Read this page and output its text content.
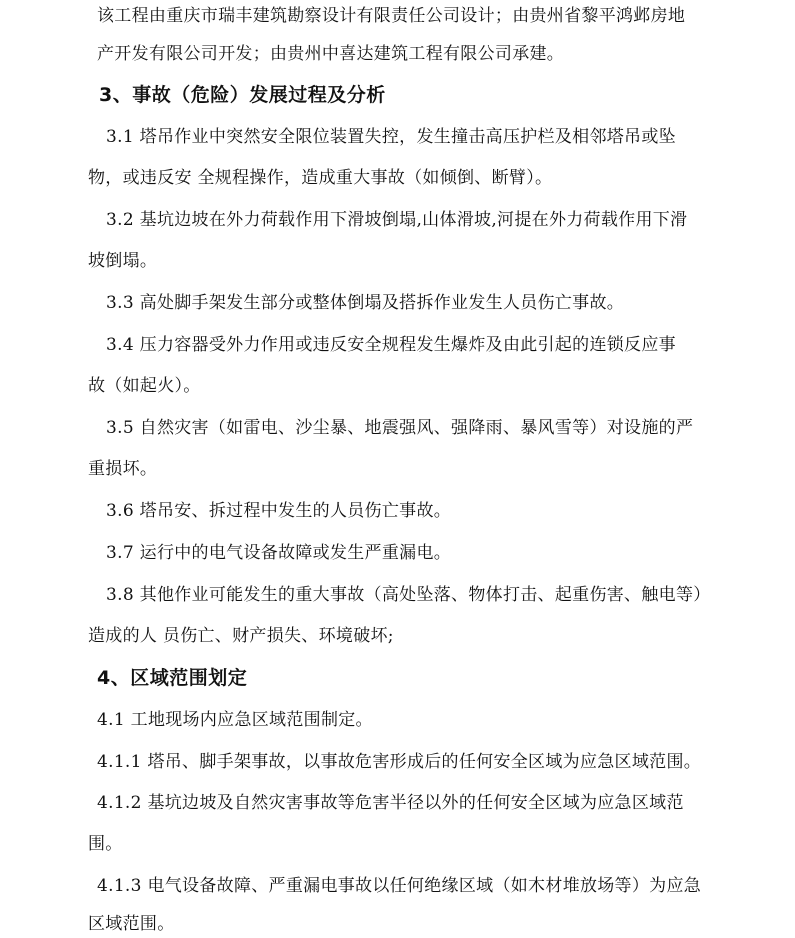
该工程由重庆市瑞丰建筑勘察设计有限责任公司设计；由贵州省黎平鸿邺房地
产开发有限公司开发；由贵州中喜达建筑工程有限公司承建。
3、事故（危险）发展过程及分析
3.1 塔吊作业中突然安全限位装置失控，发生撞击高压护栏及相邻塔吊或坠
物，或违反安 全规程操作，造成重大事故（如倾倒、断臂）。
3.2 基坑边坡在外力荷载作用下滑坡倒塌,山体滑坡,河提在外力荷载作用下滑
坡倒塌。
3.3 高处脚手架发生部分或整体倒塌及搭拆作业发生人员伤亡事故。
3.4 压力容器受外力作用或违反安全规程发生爆炸及由此引起的连锁反应事
故（如起火）。
3.5 自然灾害（如雷电、沙尘暴、地震强风、强降雨、暴风雪等）对设施的严
重损坏。
3.6 塔吊安、拆过程中发生的人员伤亡事故。
3.7 运行中的电气设备故障或发生严重漏电。
3.8 其他作业可能发生的重大事故（高处坠落、物体打击、起重伤害、触电等）
造成的人 员伤亡、财产损失、环境破坏;
4、区域范围划定
4.1 工地现场内应急区域范围制定。
4.1.1 塔吊、脚手架事故，以事故危害形成后的任何安全区域为应急区域范围。
4.1.2 基坑边坡及自然灾害事故等危害半径以外的任何安全区域为应急区域范
围。
4.1.3 电气设备故障、严重漏电事故以任何绝缘区域（如木材堆放场等）为应急
区域范围。
